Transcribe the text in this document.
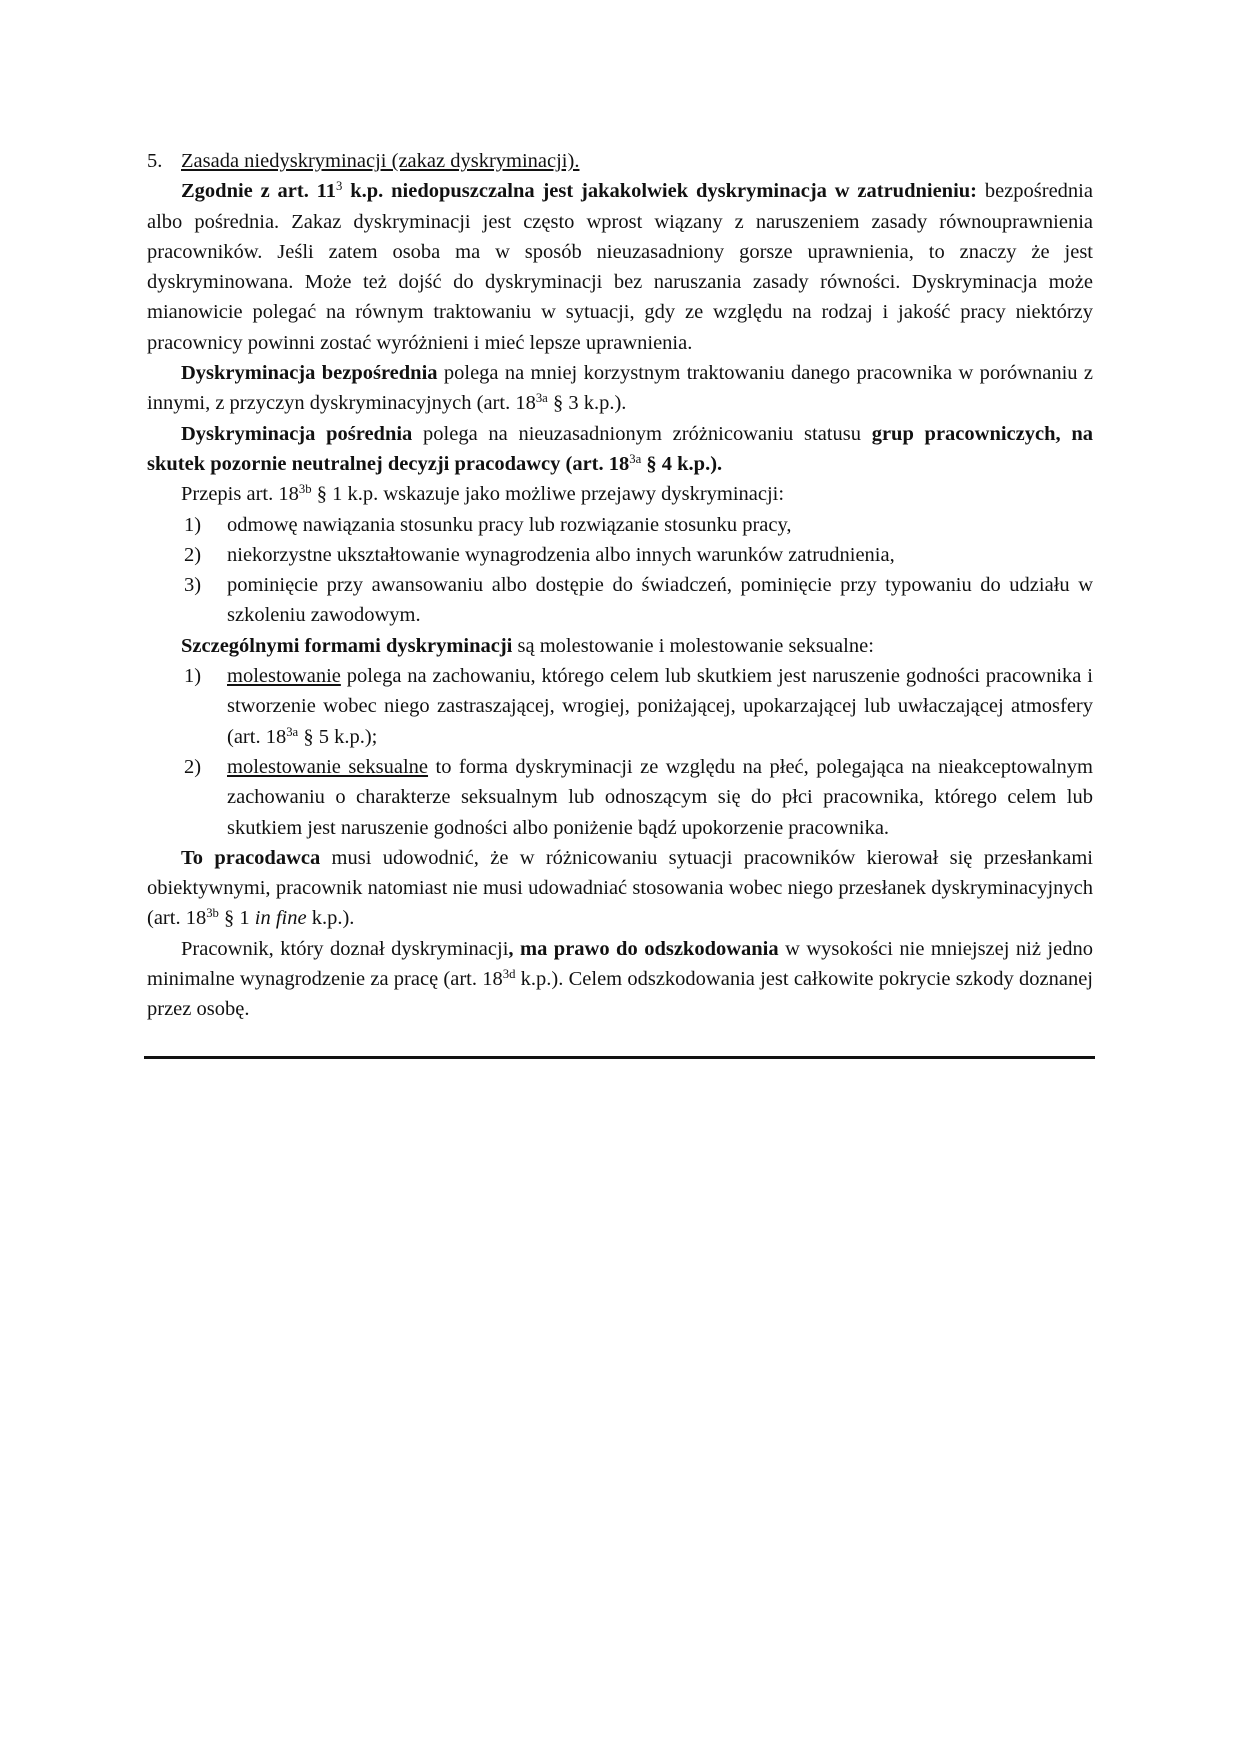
5. Zasada niedyskryminacji (zakaz dyskryminacji).

Zgodnie z art. $11^3$ k.p. niedopuszczalna jest jakakolwiek dyskryminacja w zatrudnieniu: bezpośrednia albo pośrednia. Zakaz dyskryminacji jest często wprost wiązany z naruszeniem zasady równouprawnienia pracowników. Jeśli zatem osoba ma w sposób nieuzasadniony gorsze uprawnienia, to znaczy że jest dyskryminowana. Może też dojść do dyskryminacji bez naruszania zasady równości. Dyskryminacja może mianowicie polegać na równym traktowaniu w sytuacji, gdy ze względu na rodzaj i jakość pracy niektórzy pracownicy powinni zostać wyróżnieni i mieć lepsze uprawnienia.

Dyskryminacja bezpośrednia polega na mniej korzystnym traktowaniu danego pracownika w porównaniu z innymi, z przyczyn dyskryminacyjnych (art. $18^{3a}$ § 3 k.p.).

Dyskryminacja pośrednia polega na nieuzasadnionym zróżnicowaniu statusu grup pracowniczych, na skutek pozornie neutralnej decyzji pracodawcy (art. $18^{3a}$ § 4 k.p.).

Przepis art. $18^{3b}$ § 1 k.p. wskazuje jako możliwe przejawy dyskryminacji:

1)	odmowę nawiązania stosunku pracy lub rozwiązanie stosunku pracy,
2)	niekorzystne ukształtowanie wynagrodzenia albo innych warunków zatrudnienia,
3)	pominięcie przy awansowaniu albo dostępie do świadczeń, pominięcie przy typowaniu do udziału w szkoleniu zawodowym.

Szczególnymi formami dyskryminacji są molestowanie i molestowanie seksualne:

1)	molestowanie polega na zachowaniu, którego celem lub skutkiem jest naruszenie godności pracownika i stworzenie wobec niego zastraszającej, wrogiej, poniżającej, upokarzającej lub uwłaczającej atmosfery (art. $18^{3a}$ § 5 k.p.);
2)	molestowanie seksualne to forma dyskryminacji ze względu na płeć, polegająca na nieakceptowalnym zachowaniu o charakterze seksualnym lub odnoszącym się do płci pracownika, którego celem lub skutkiem jest naruszenie godności albo poniżenie bądź upokorzenie pracownika.

To pracodawca musi udowodnić, że w różnicowaniu sytuacji pracowników kierował się przesłankami obiektywnymi, pracownik natomiast nie musi udowadniać stosowania wobec niego przesłanek dyskryminacyjnych (art. $18^{3b}$ § 1 in fine k.p.).

Pracownik, który doznał dyskryminacji, ma prawo do odszkodowania w wysokości nie mniejszej niż jedno minimalne wynagrodzenie za pracę (art. $18^{3d}$ k.p.). Celem odszkodowania jest całkowite pokrycie szkody doznanej przez osobę.
